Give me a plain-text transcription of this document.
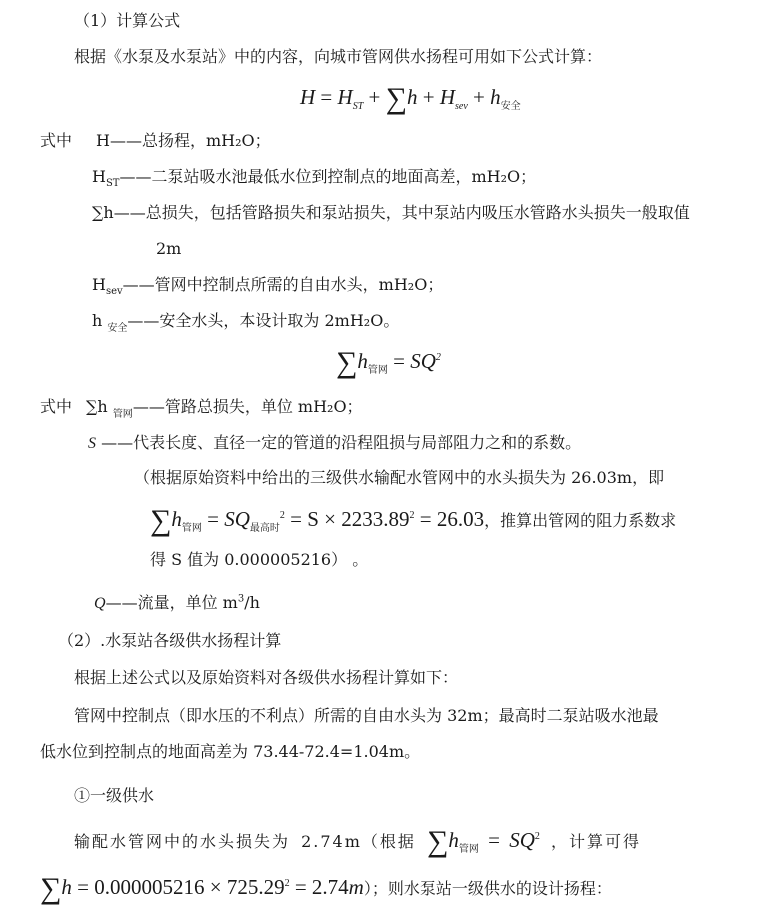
（1）计算公式
根据《水泵及水泵站》中的内容，向城市管网供水扬程可用如下公式计算：
$H = H_{ST} + \sum h + H_{sev} + h_{安全}$
式中 H——总扬程，mH₂O；
$H_{ST}——$二泵站吸水池最低水位到控制点的地面高差，mH₂O；
∑h——总损失，包括管路损失和泵站损失，其中泵站内吸压水管路水头损失一般取值
2m
$H_{sev}——$管网中控制点所需的自由水头，mH₂O；
h $_{安全}$——安全水头，本设计取为 2mH₂O。
$\sum h_{管网} = SQ^2$
式中 ∑h $_{管网}$——管路总损失，单位 mH₂O；
S ——代表长度、直径一定的管道的沿程阻损与局部阻力之和的系数。
（根据原始资料中给出的三级供水输配水管网中的水头损失为 26.03m，即
$\sum h_{管网} = SQ_{最高时}^2 = S \times 2233.89^2 = 26.03$，推算出管网的阻力系数求
得 S 值为 0.000005216） 。
Q——流量，单位 $m^3/h$
（2）.水泵站各级供水扬程计算
根据上述公式以及原始资料对各级供水扬程计算如下：
管网中控制点（即水压的不利点）所需的自由水头为 32m；最高时二泵站吸水池最
低水位到控制点的地面高差为 73.44-72.4=1.04m。
①一级供水
输配水管网中的水头损失为 2.74m（根据 $\sum h_{管网} = SQ^2$ ，计算可得
$\sum h = 0.000005216 \times 725.29^2 = 2.74m$）；则水泵站一级供水的设计扬程：
